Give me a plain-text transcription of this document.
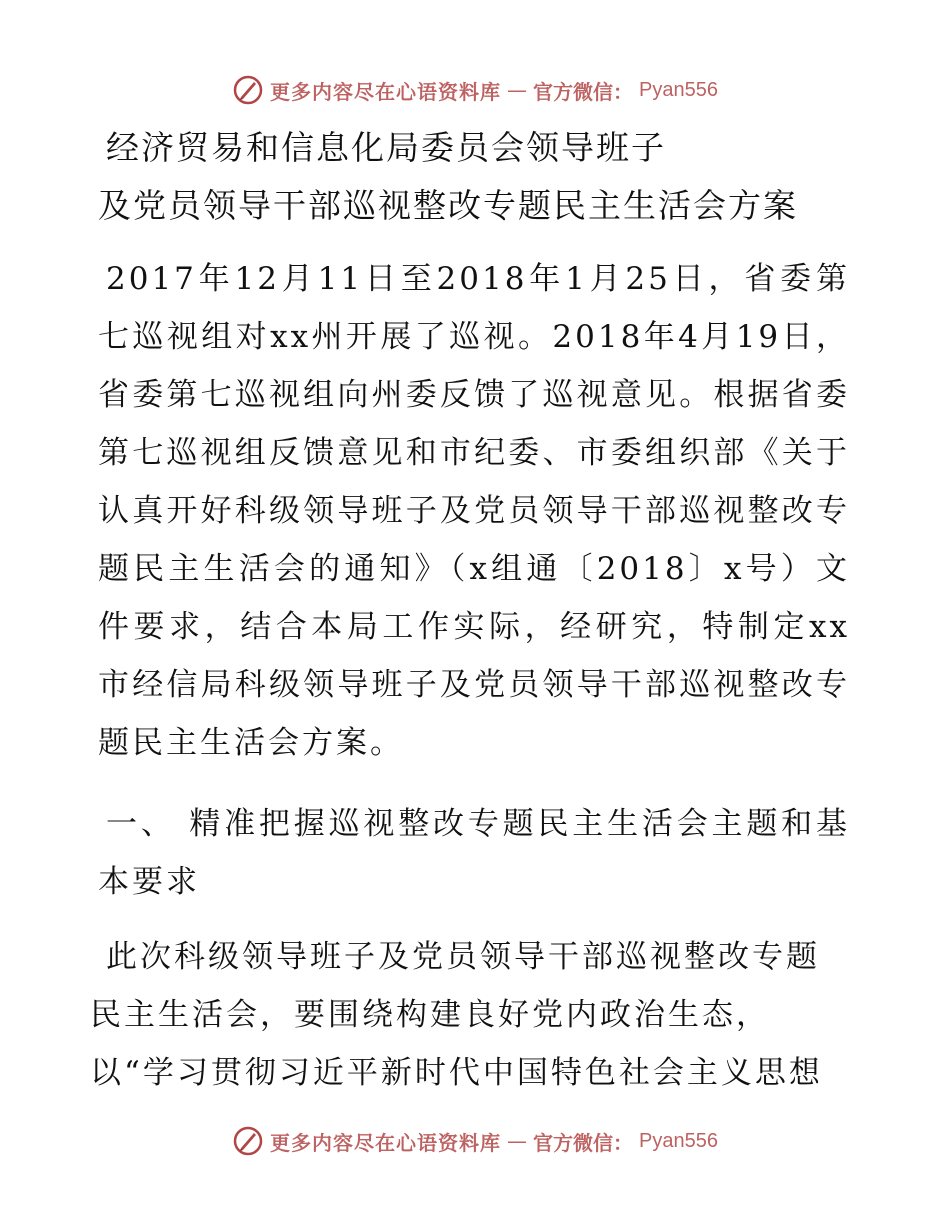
更多内容尽在心语资料库 — 官方微信： Pyan556
经济贸易和信息化局委员会领导班子
及党员领导干部巡视整改专题民主生活会方案
2017年12月11日至2018年1月25日，省委第七巡视组对xx州开展了巡视。2018年4月19日，省委第七巡视组向州委反馈了巡视意见。根据省委第七巡视组反馈意见和市纪委、市委组织部《关于认真开好科级领导班子及党员领导干部巡视整改专题民主生活会的通知》（x组通〔2018〕x号）文件要求，结合本局工作实际，经研究，特制定xx市经信局科级领导班子及党员领导干部巡视整改专题民主生活会方案。
一、 精准把握巡视整改专题民主生活会主题和基本要求
此次科级领导班子及党员领导干部巡视整改专题
民主生活会，要围绕构建良好党内政治生态，
以“学习贯彻习近平新时代中国特色社会主义思想
更多内容尽在心语资料库 — 官方微信： Pyan556
